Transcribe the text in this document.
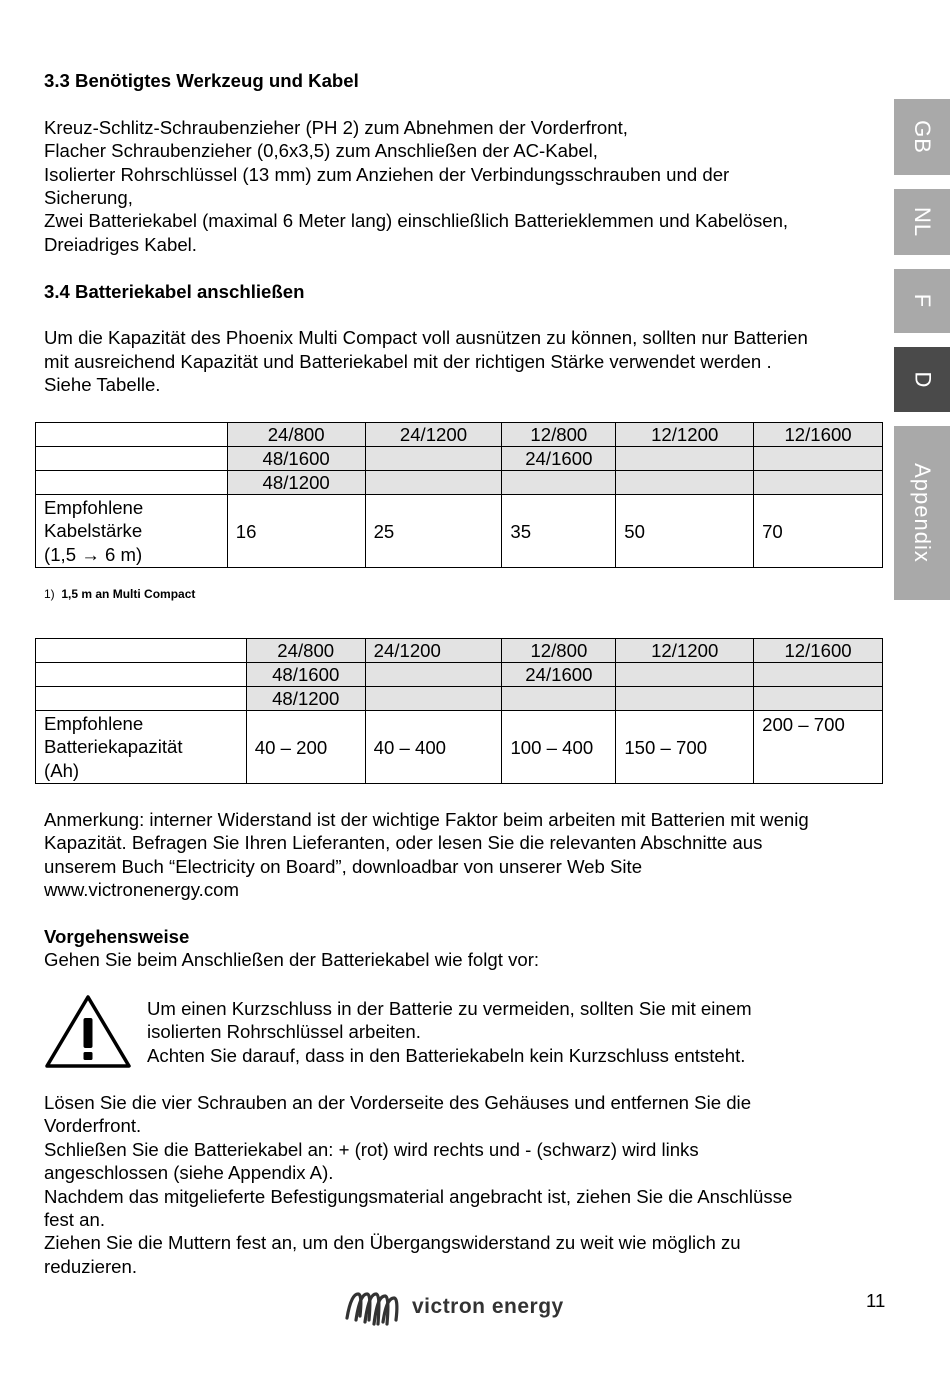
3.3 Benötigtes Werkzeug und Kabel
Kreuz-Schlitz-Schraubenzieher (PH 2) zum Abnehmen der Vorderfront,
Flacher Schraubenzieher (0,6x3,5) zum Anschließen der AC-Kabel,
Isolierter Rohrschlüssel (13 mm) zum Anziehen der Verbindungsschrauben und der
Sicherung,
Zwei Batteriekabel (maximal 6 Meter lang) einschließlich Batterieklemmen und Kabelösen,
Dreiadriges Kabel.
3.4 Batteriekabel anschließen
Um die Kapazität des Phoenix Multi Compact voll ausnützen zu können, sollten nur Batterien
mit ausreichend Kapazität und Batteriekabel mit der richtigen Stärke verwendet werden .
Siehe Tabelle.
	24/800	24/1200	12/800	12/1200	12/1600
	48/1600		24/1600		
	48/1200				

Empfohlene
Kabelstärke
(1,5 → 6 m)	16	25	35	50	70
1) 1,5 m an Multi Compact
	24/800	24/1200	12/800	12/1200	12/1600
	48/1600		24/1600		
	48/1200				

Empfohlene
Batteriekapazität
(Ah)	40 – 200	40 – 400	100 – 400	150 – 700	200 – 700
Anmerkung: interner Widerstand ist der wichtige Faktor beim arbeiten mit Batterien mit wenig
Kapazität. Befragen Sie Ihren Lieferanten, oder lesen Sie die relevanten Abschnitte aus
unserem Buch “Electricity on Board”, downloadbar von unserer Web Site
www.victronenergy.com
Vorgehensweise
Gehen Sie beim Anschließen der Batteriekabel wie folgt vor:
Um einen Kurzschluss in der Batterie zu vermeiden, sollten Sie mit einem
isolierten Rohrschlüssel arbeiten.
Achten Sie darauf, dass in den Batteriekabeln kein Kurzschluss entsteht.
Lösen Sie die vier Schrauben an der Vorderseite des Gehäuses und entfernen Sie die
Vorderfront.
Schließen Sie die Batteriekabel an: + (rot) wird rechts und - (schwarz) wird links
angeschlossen (siehe Appendix A).
Nachdem das mitgelieferte Befestigungsmaterial angebracht ist, ziehen Sie die Anschlüsse
fest an.
Ziehen Sie die Muttern fest an, um den Übergangswiderstand zu weit wie möglich zu
reduzieren.
GB
NL
F
D
Appendix
victron energy	11
